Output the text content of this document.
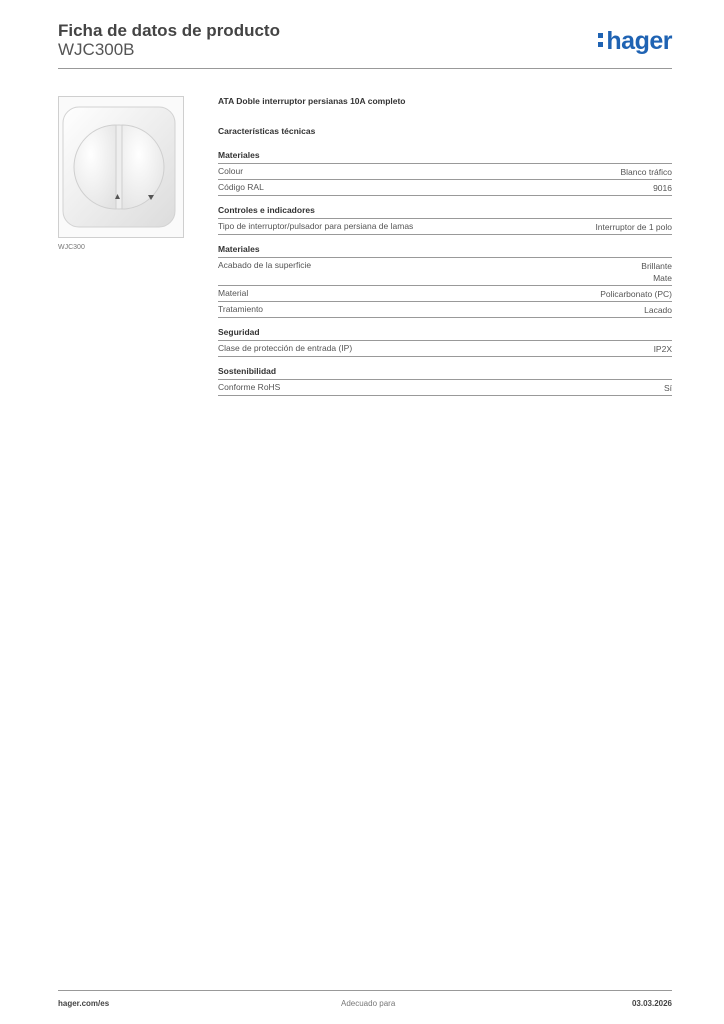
Ficha de datos de producto
WJC300B	hager
WJC300
ATA Doble interruptor persianas 10A completo
Características técnicas
Materiales
Colour	Blanco tráfico
Código RAL	9016
Controles e indicadores
Tipo de interruptor/pulsador para persiana de lamas	Interruptor de 1 polo
Materiales
Acabado de la superficie	Brillante
Mate
Material	Policarbonato (PC)
Tratamiento	Lacado
Seguridad
Clase de protección de entrada (IP)	IP2X
Sostenibilidad
Conforme RoHS	Sí
hager.com/es	Adecuado para	03.03.2026
